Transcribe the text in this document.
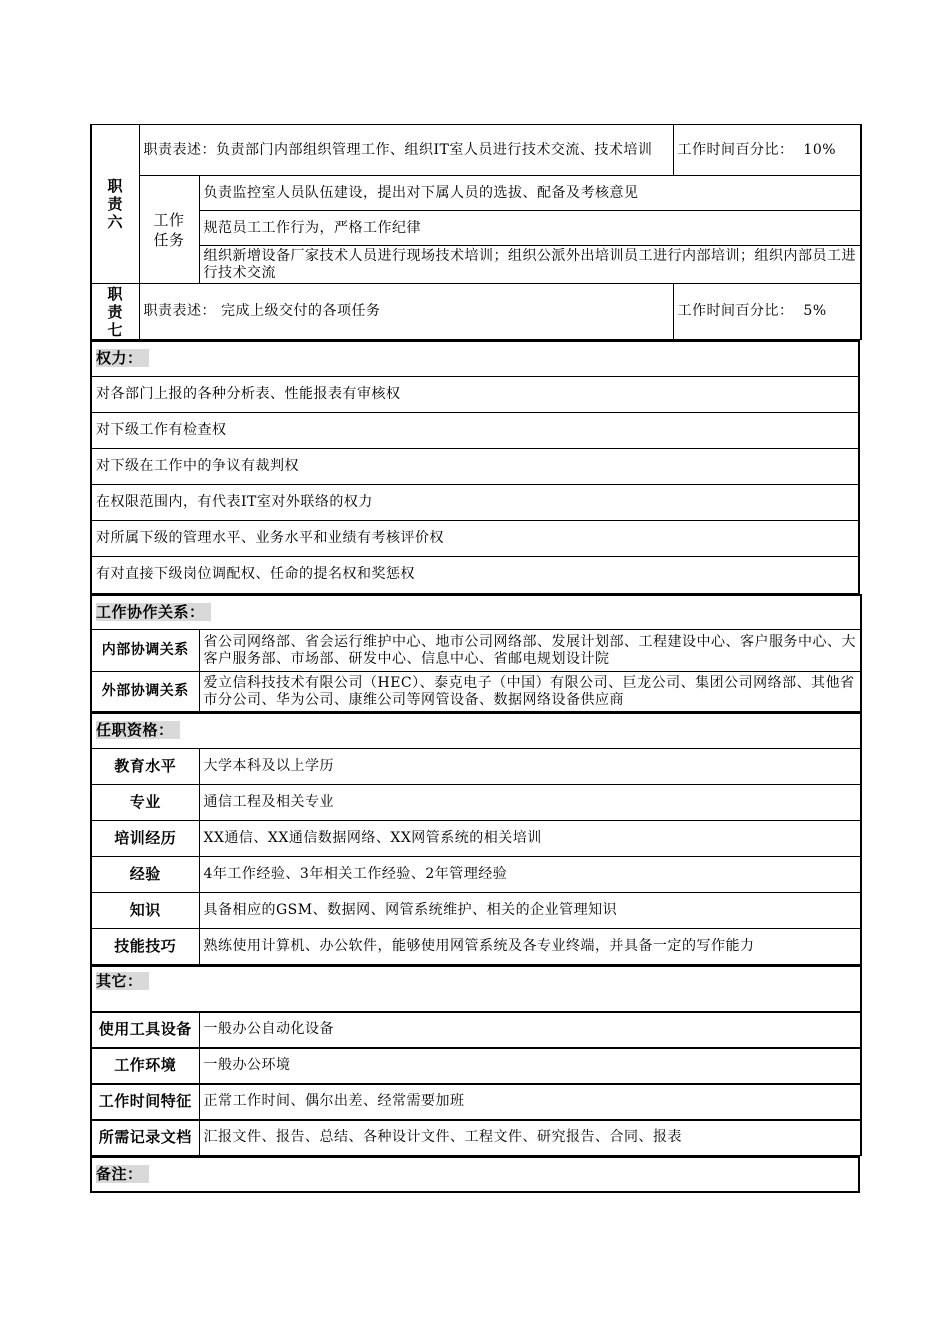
职责六	职责表述：负责部门内部组织管理工作、组织IT室人员进行技术交流、技术培训		工作时间百分比： 10%
	工作任务	负责监控室人员队伍建设，提出对下属人员的选拔、配备及考核意见	
		规范员工工作行为，严格工作纪律	
		组织新增设备厂家技术人员进行现场技术培训；组织公派外出培训员工进行内部培训；组织内部员工进行技术交流	
职责七	职责表述： 完成上级交付的各项任务		工作时间百分比： 5%
权力：
对各部门上报的各种分析表、性能报表有审核权
对下级工作有检查权
对下级在工作中的争议有裁判权
在权限范围内，有代表IT室对外联络的权力
对所属下级的管理水平、业务水平和业绩有考核评价权
有对直接下级岗位调配权、任命的提名权和奖惩权
工作协作关系：	
内部协调关系	省公司网络部、省会运行维护中心、地市公司网络部、发展计划部、工程建设中心、客户服务中心、大客户服务部、市场部、研发中心、信息中心、省邮电规划设计院
外部协调关系	爱立信科技技术有限公司（HEC）、泰克电子（中国）有限公司、巨龙公司、集团公司网络部、其他省市分公司、华为公司、康维公司等网管设备、数据网络设备供应商
任职资格：	
教育水平	大学本科及以上学历
专业	通信工程及相关专业
培训经历	XX通信、XX通信数据网络、XX网管系统的相关培训
经验	4年工作经验、3年相关工作经验、2年管理经验
知识	具备相应的GSM、数据网、网管系统维护、相关的企业管理知识
技能技巧	熟练使用计算机、办公软件，能够使用网管系统及各专业终端，并具备一定的写作能力
其它：	
使用工具设备	一般办公自动化设备
工作环境	一般办公环境
工作时间特征	正常工作时间、偶尔出差、经常需要加班
所需记录文档	汇报文件、报告、总结、各种设计文件、工程文件、研究报告、合同、报表
备注：
